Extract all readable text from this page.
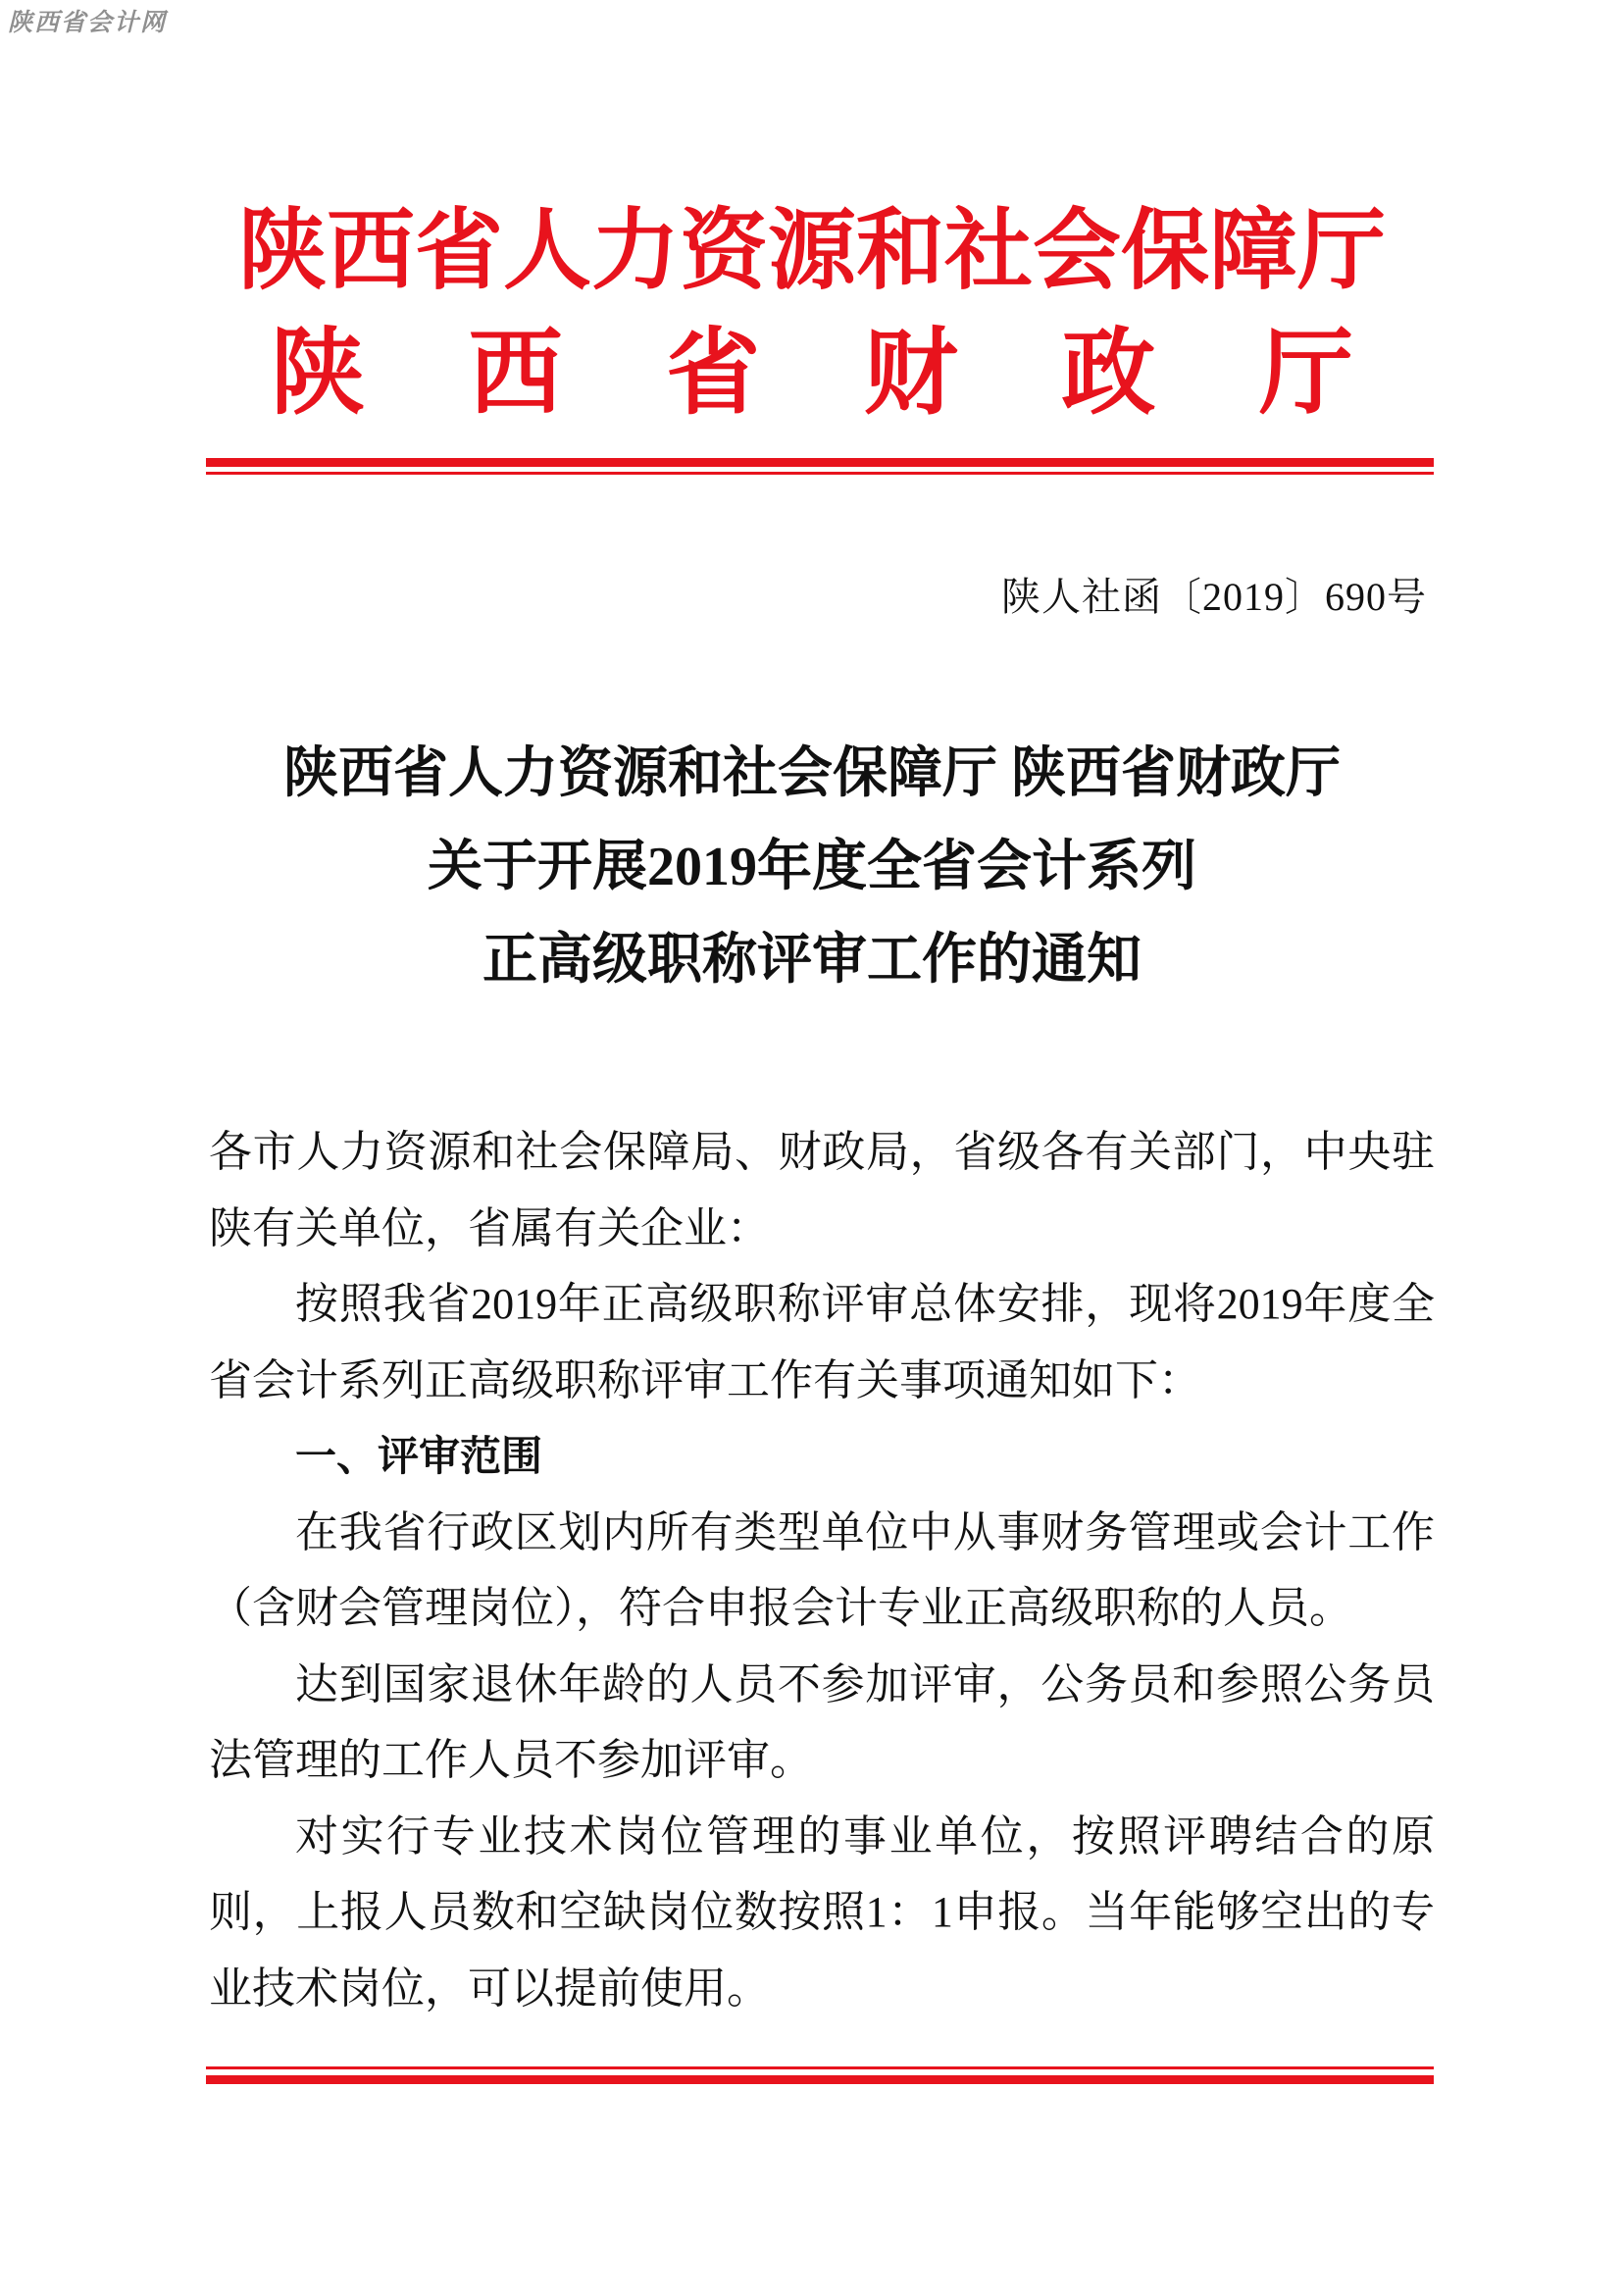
陕西省会计网
陕西省人力资源和社会保障厅
陕西省财政厅
陕人社函〔2019〕690号
陕西省人力资源和社会保障厅 陕西省财政厅
关于开展2019年度全省会计系列
正高级职称评审工作的通知
各市人力资源和社会保障局、财政局，省级各有关部门，中央驻
陕有关单位，省属有关企业：
按照我省2019年正高级职称评审总体安排，现将2019年度全
省会计系列正高级职称评审工作有关事项通知如下：
一、评审范围
在我省行政区划内所有类型单位中从事财务管理或会计工作
（含财会管理岗位），符合申报会计专业正高级职称的人员。
达到国家退休年龄的人员不参加评审，公务员和参照公务员
法管理的工作人员不参加评审。
对实行专业技术岗位管理的事业单位，按照评聘结合的原
则，上报人员数和空缺岗位数按照1：1申报。当年能够空出的专
业技术岗位，可以提前使用。
